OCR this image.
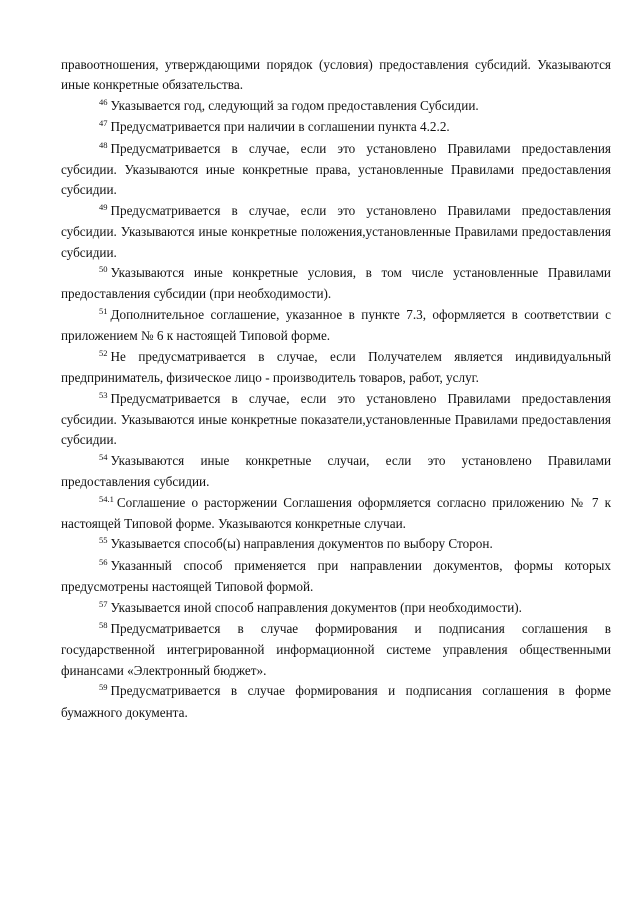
правоотношения, утверждающими порядок (условия) предоставления субсидий. Указываются иные конкретные обязательства.

$^{46}$ Указывается год, следующий за годом предоставления Субсидии.

$^{47}$ Предусматривается при наличии в соглашении пункта 4.2.2.

$^{48}$ Предусматривается в случае, если это установлено Правилами предоставления субсидии. Указываются иные конкретные права, установленные Правилами предоставления субсидии.

$^{49}$ Предусматривается в случае, если это установлено Правилами предоставления субсидии. Указываются иные конкретные положения,установленные Правилами предоставления субсидии.

$^{50}$ Указываются иные конкретные условия, в том числе установленные Правилами предоставления субсидии (при необходимости).

$^{51}$ Дополнительное соглашение, указанное в пункте 7.3, оформляется в соответствии с приложением № 6 к настоящей Типовой форме.

$^{52}$ Не предусматривается в случае, если Получателем является индивидуальный предприниматель, физическое лицо - производитель товаров, работ, услуг.

$^{53}$ Предусматривается в случае, если это установлено Правилами предоставления субсидии. Указываются иные конкретные показатели,установленные Правилами предоставления субсидии.

$^{54}$ Указываются иные конкретные случаи, если это установлено Правилами предоставления субсидии.

$^{54.1}$ Соглашение о расторжении Соглашения оформляется согласно приложению № 7 к настоящей Типовой форме. Указываются конкретные случаи.

$^{55}$ Указывается способ(ы) направления документов по выбору Сторон.

$^{56}$ Указанный способ применяется при направлении документов, формы которых предусмотрены настоящей Типовой формой.

$^{57}$ Указывается иной способ направления документов (при необходимости).

$^{58}$ Предусматривается в случае формирования и подписания соглашения в государственной интегрированной информационной системе управления общественными финансами «Электронный бюджет».

$^{59}$ Предусматривается в случае формирования и подписания соглашения в форме бумажного документа.
